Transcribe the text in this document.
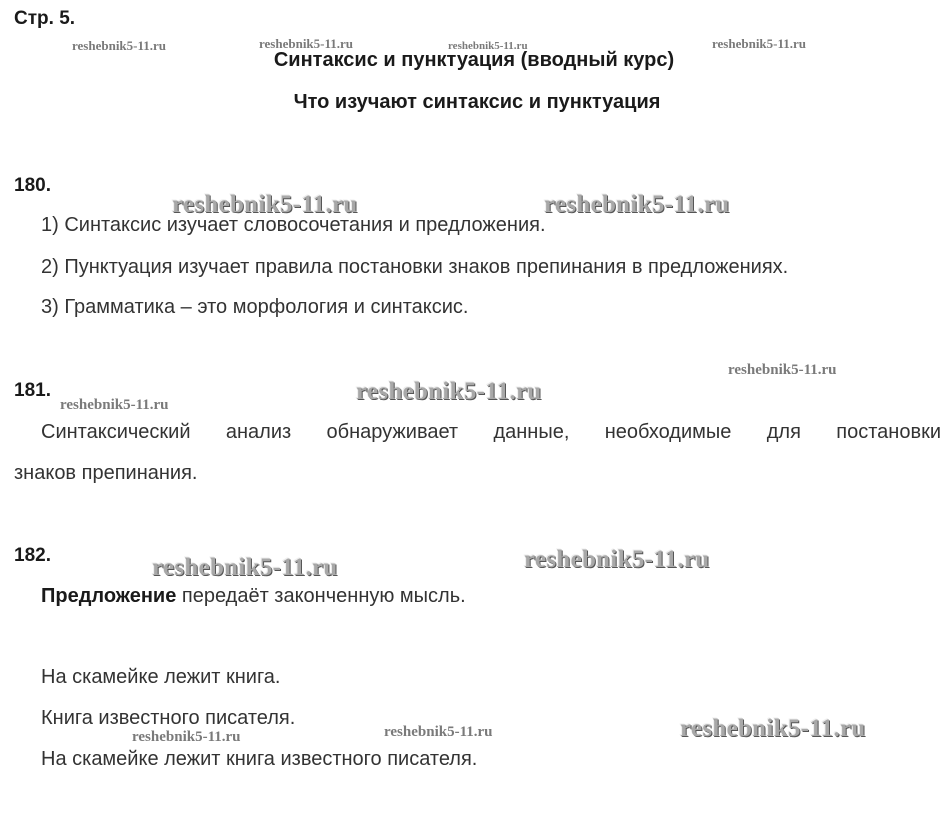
Стр. 5.
reshebnik5-11.ru	reshebnik5-11.ru	reshebnik5-11.ru	reshebnik5-11.ru
Синтаксис и пунктуация (вводный курс)
Что изучают синтаксис и пунктуация
180.
reshebnik5-11.ru	reshebnik5-11.ru
1) Синтаксис изучает словосочетания и предложения.
2) Пунктуация изучает правила постановки знаков препинания в предложениях.
3) Грамматика – это морфология и синтаксис.
reshebnik5-11.ru
181.	reshebnik5-11.ru
reshebnik5-11.ru
Синтаксический анализ обнаруживает данные, необходимые для постановки
знаков препинания.
182.	reshebnik5-11.ru
reshebnik5-11.ru
Предложение передаёт законченную мысль.
На скамейке лежит книга.
Книга известного писателя.
reshebnik5-11.ru	reshebnik5-11.ru
reshebnik5-11.ru
На скамейке лежит книга известного писателя.
